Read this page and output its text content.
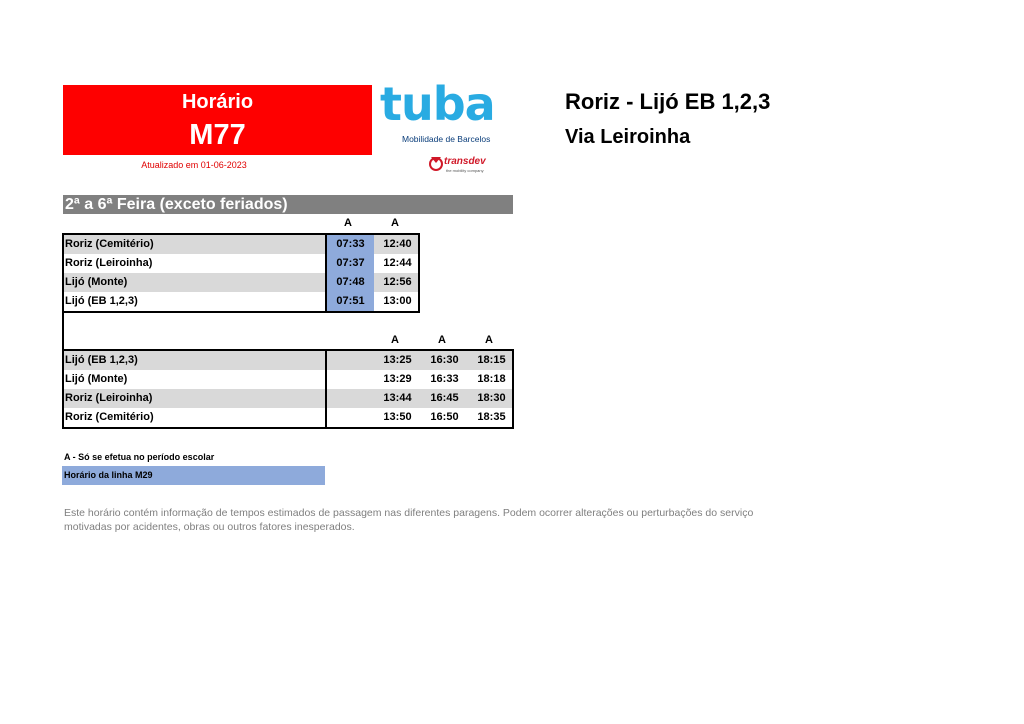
Horário
M77
Atualizado em 01-06-2023
tuba
Mobilidade de Barcelos
transdev
the mobility company
Roriz - Lijó EB 1,2,3
Via Leiroinha
2ª a 6ª Feira (exceto feriados)
A	A
Roriz (Cemitério)	07:33	12:40
Roriz (Leiroinha)	07:37	12:44
Lijó (Monte)	07:48	12:56
Lijó (EB 1,2,3)	07:51	13:00
A	A	A
Lijó (EB 1,2,3)	13:25	16:30	18:15
Lijó (Monte)	13:29	16:33	18:18
Roriz (Leiroinha)	13:44	16:45	18:30
Roriz (Cemitério)	13:50	16:50	18:35
A - Só se efetua no período escolar
Horário da linha M29
Este horário contém informação de tempos estimados de passagem nas diferentes paragens. Podem ocorrer alterações ou perturbações do serviço motivadas por acidentes, obras ou outros fatores inesperados.
